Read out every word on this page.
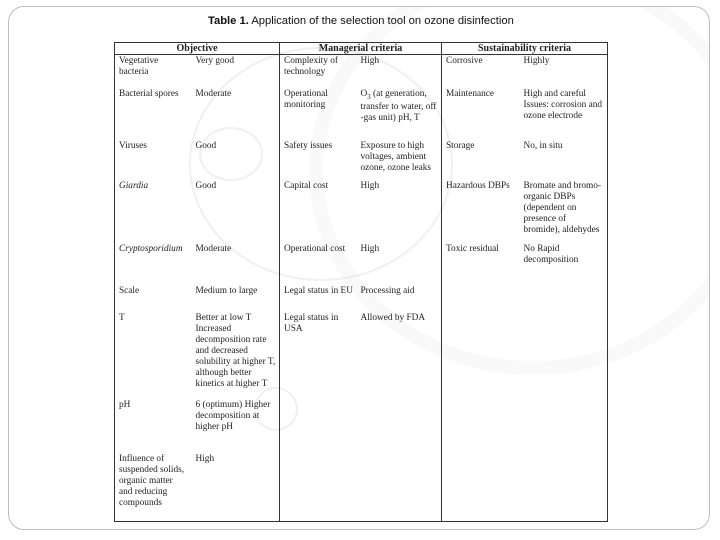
Table 1. Application of the selection tool on ozone disinfection
Objective		Managerial criteria		Sustainability criteria	
Vegetative bacteria	Very good	Complexity of technology	High	Corrosive	Highly
Bacterial spores	Moderate	Operational monitoring	$O_3$ (at generation, transfer to water, off -gas unit) pH, T	Maintenance	High and careful Issues: corrosion and ozone electrode
Viruses	Good	Safety issues	Exposure to high voltages, ambient ozone, ozone leaks	Storage	No, in situ
Giardia	Good	Capital cost	High	Hazardous DBPs	Bromate and bromo-organic DBPs (dependent on presence of bromide), aldehydes
Cryptosporidium	Moderate	Operational cost	High	Toxic residual	No Rapid decomposition
Scale	Medium to large	Legal status in EU	Processing aid		
T	Better at low T Increased decomposition rate and decreased solubility at higher T, although better kinetics at higher T	Legal status in USA	Allowed by FDA		
pH	6 (optimum) Higher decomposition at higher pH				
Influence of suspended solids, organic matter and reducing compounds	High				
